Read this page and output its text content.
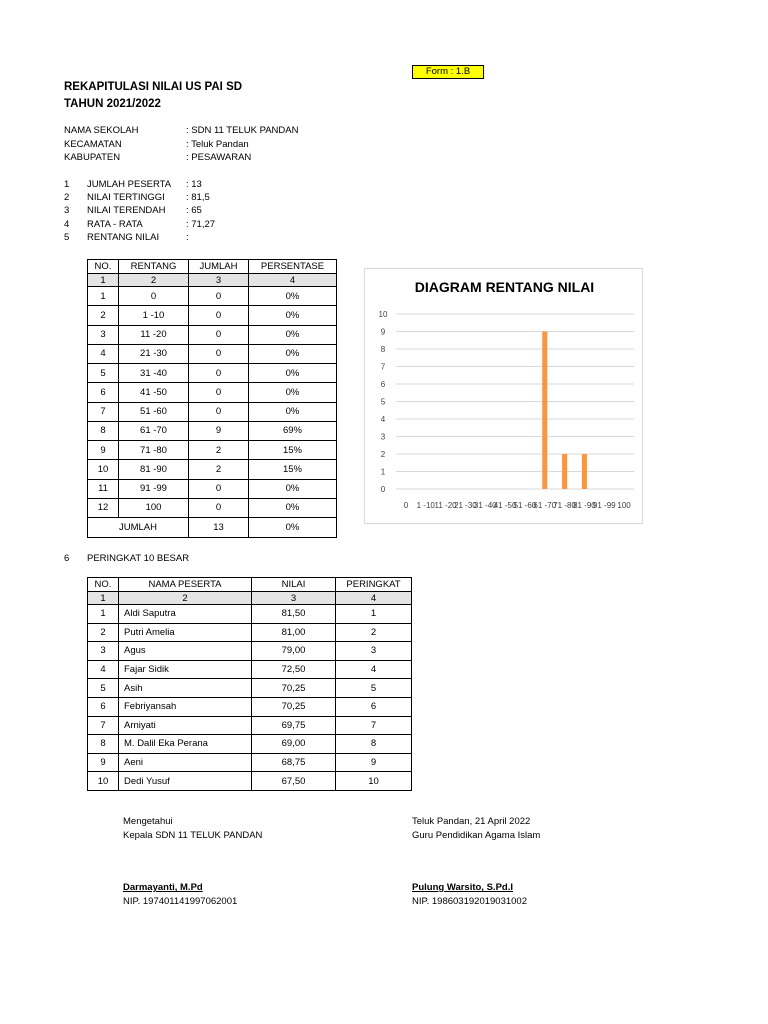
Form : 1.B
REKAPITULASI NILAI US PAI SD
TAHUN 2021/2022
NAMA SEKOLAH	: SDN 11 TELUK PANDAN
KECAMATAN	: Teluk Pandan
KABUPATEN	: PESAWARAN
1 JUMLAH PESERTA : 13
2 NILAI TERTINGGI : 81,5
3 NILAI TERENDAH : 65
4 RATA - RATA	: 71,27
5 RENTANG NILAI	:
NO.	RENTANG	JUMLAH	PERSENTASE
1	2	3	4
1	0	0	0%
2	1 -10	0	0%
3	11 -20	0	0%
4	21 -30	0	0%
5	31 -40	0	0%
6	41 -50	0	0%
7	51 -60	0	0%
8	61 -70	9	69%
9	71 -80	2	15%
10	81 -90	2	15%
11	91 -99	0	0%
12	100	0	0%
JUMLAH		13	0%
DIAGRAM RENTANG NILAI
0
1
2
3
4
5
6
7
8
9
10
0 1 -10 11 -20
21 -30
31 -40
41 -50
51 -60
61 -70
71 -80
81 -90
91 -99 100
6 PERINGKAT 10 BESAR
NO.	NAMA PESERTA	NILAI	PERINGKAT
1	2	3	4
1	Aldi Saputra	81,50	1
2	Putri Amelia	81,00	2
3	Agus	79,00	3
4	Fajar Sidik	72,50	4
5	Asih	70,25	5
6	Febriyansah	70,25	6
7	Arniyati	69,75	7
8	M. Dalil Eka Perana	69,00	8
9	Aeni	68,75	9
10	Dedi Yusuf	67,50	10
Mengetahui
Kepala SDN 11 TELUK PANDAN
Darmayanti, M.Pd
NIP. 197401141997062001
Teluk Pandan, 21 April 2022
Guru Pendidikan Agama Islam
Pulung Warsito, S.Pd.I
NIP. 198603192019031002
